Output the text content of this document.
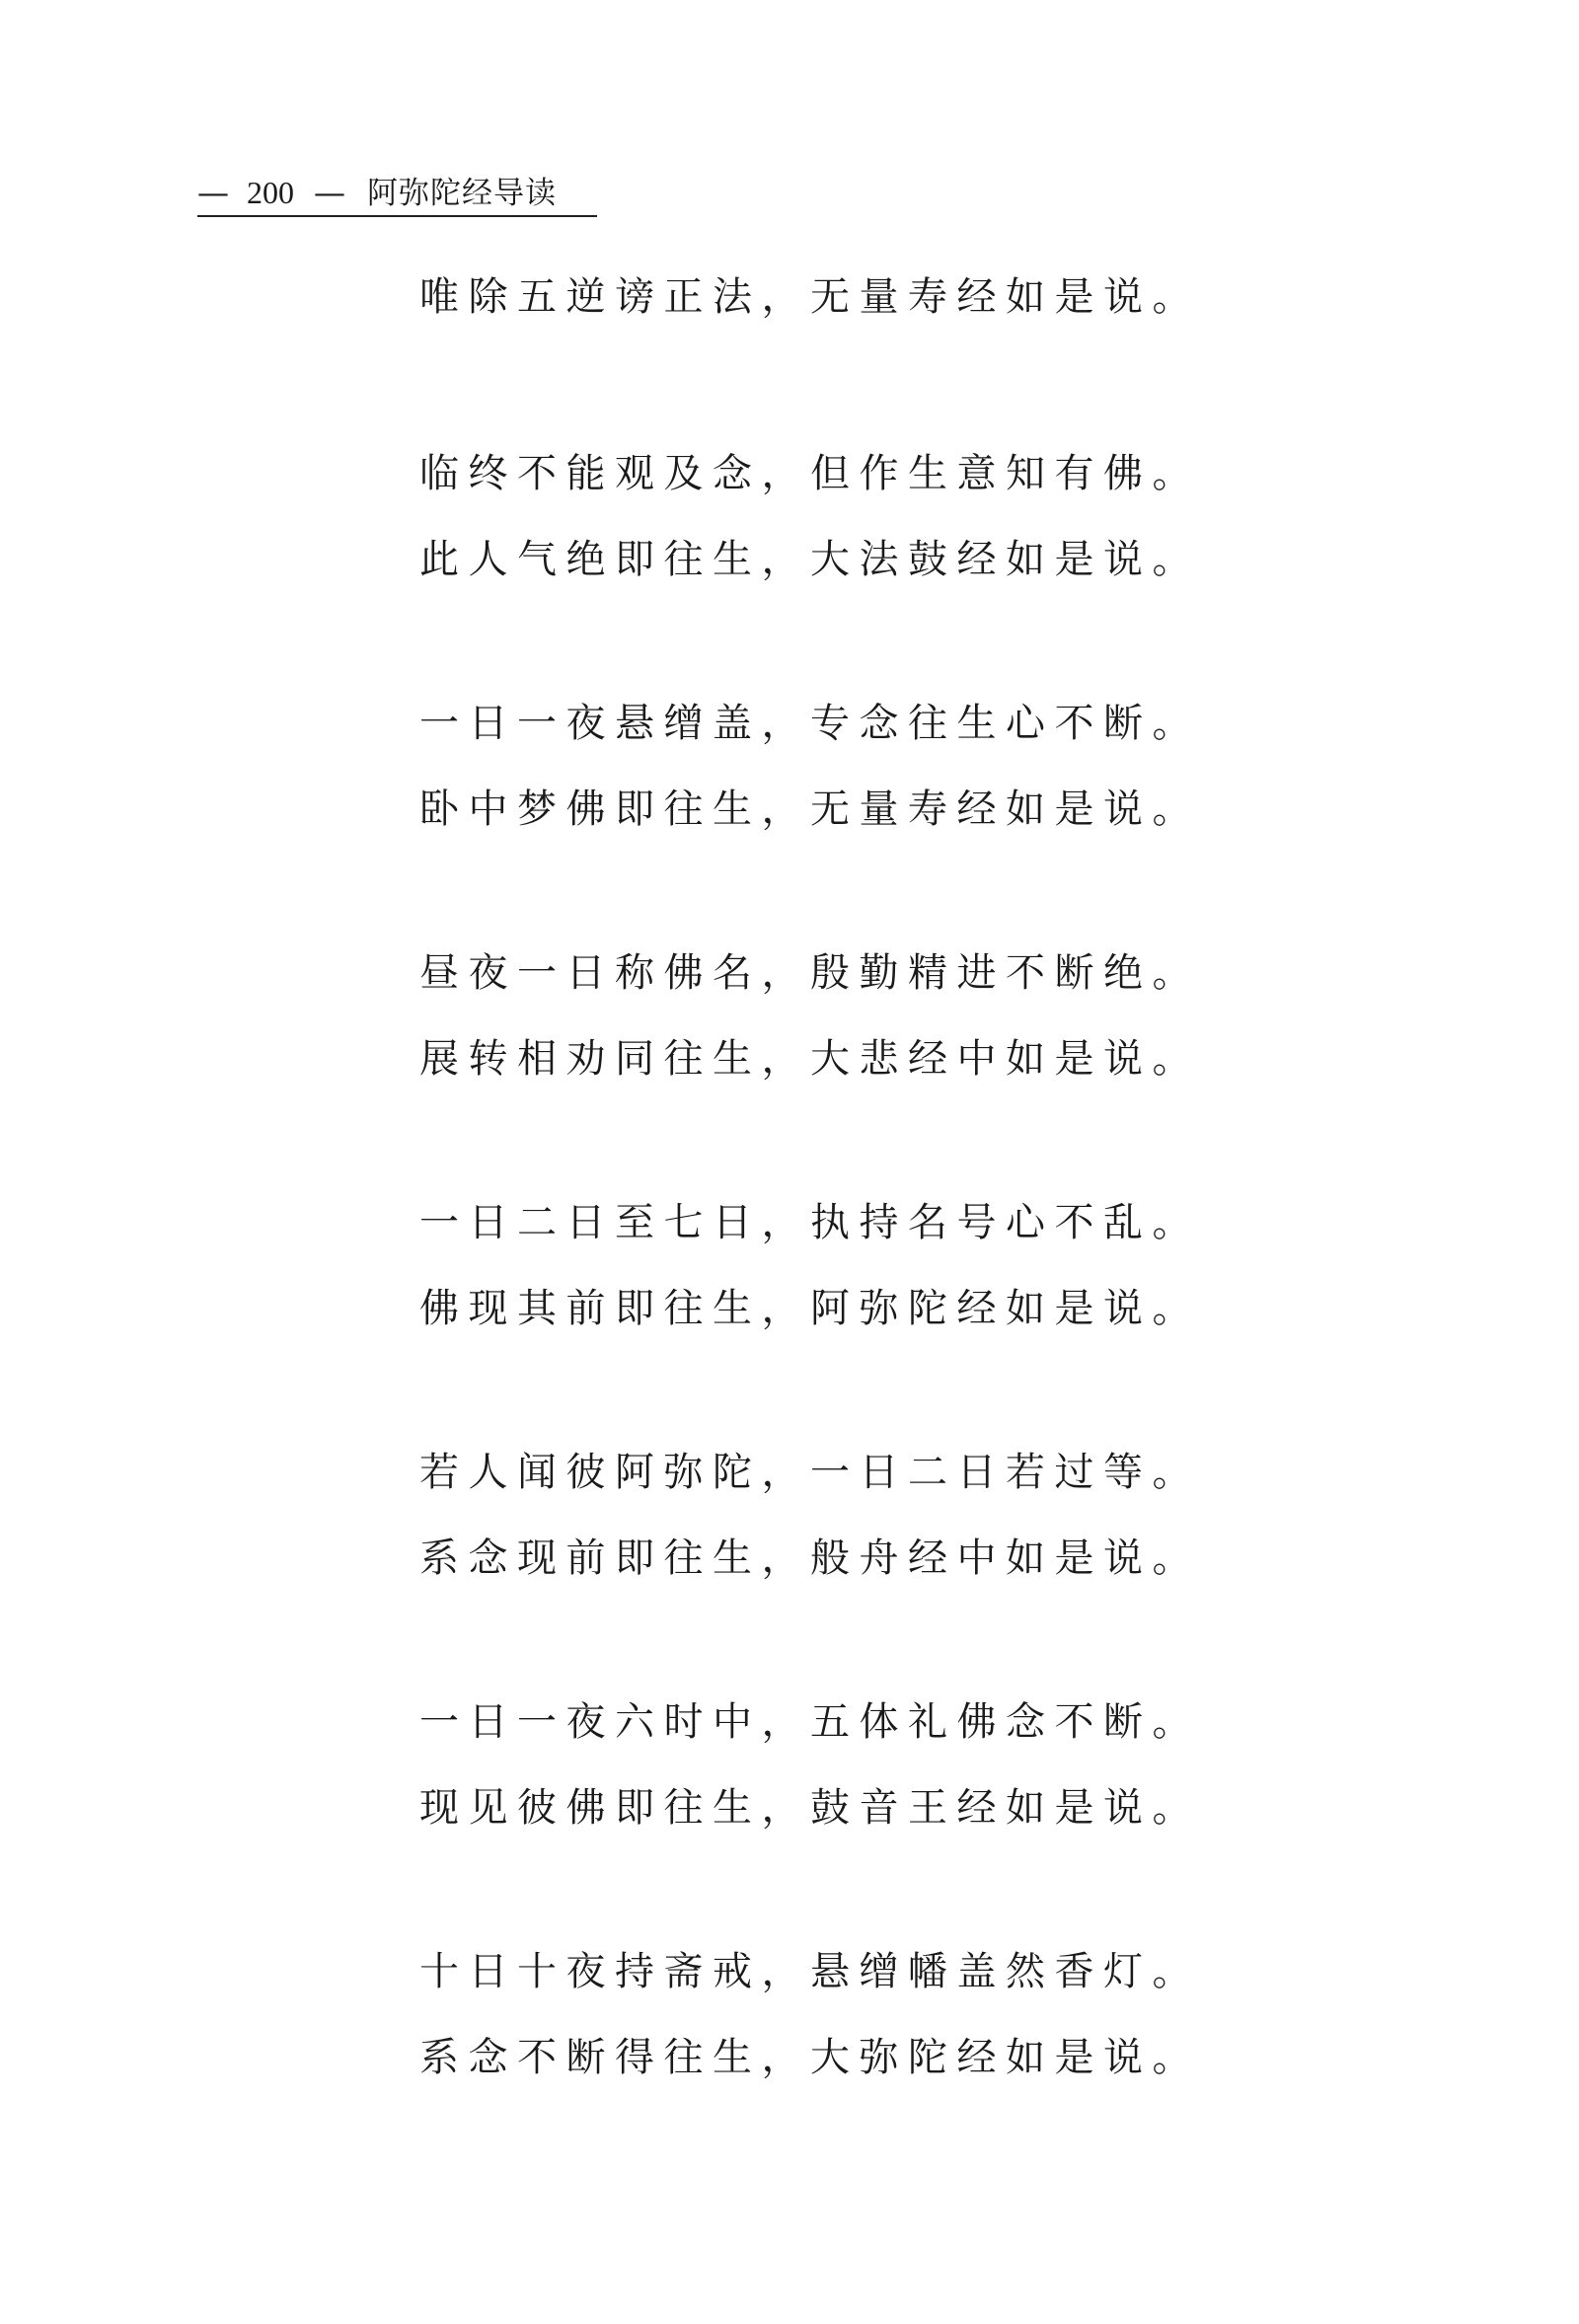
— 200 — 阿弥陀经导读
唯除五逆谤正法，无量寿经如是说。
临终不能观及念，但作生意知有佛。
此人气绝即往生，大法鼓经如是说。
一日一夜悬缯盖，专念往生心不断。
卧中梦佛即往生，无量寿经如是说。
昼夜一日称佛名，殷勤精进不断绝。
展转相劝同往生，大悲经中如是说。
一日二日至七日，执持名号心不乱。
佛现其前即往生，阿弥陀经如是说。
若人闻彼阿弥陀，一日二日若过等。
系念现前即往生，般舟经中如是说。
一日一夜六时中，五体礼佛念不断。
现见彼佛即往生，鼓音王经如是说。
十日十夜持斋戒，悬缯幡盖然香灯。
系念不断得往生，大弥陀经如是说。
